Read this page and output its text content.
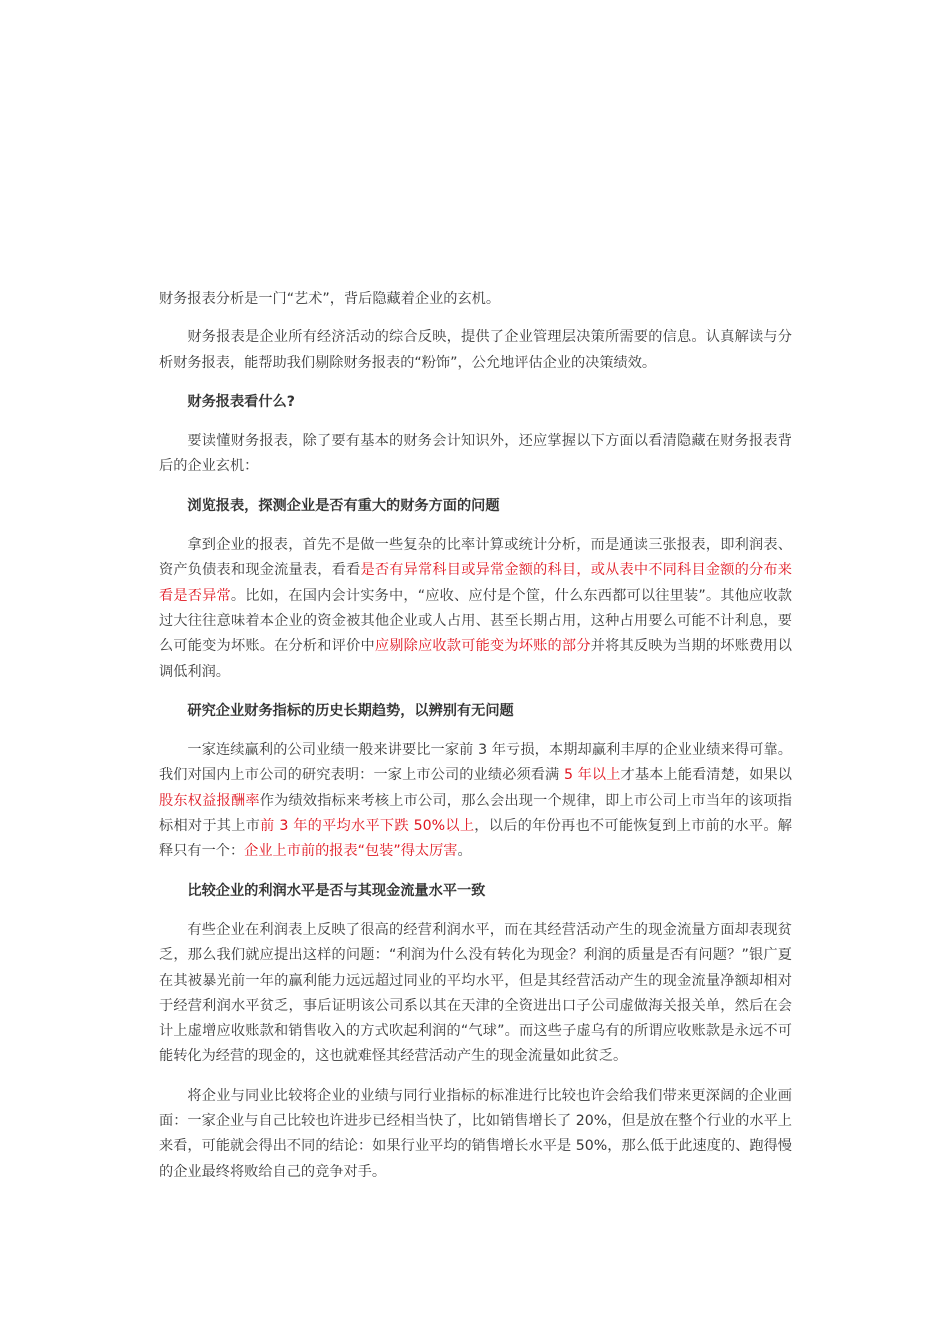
财务报表分析是一门“艺术”，背后隐藏着企业的玄机。

财务报表是企业所有经济活动的综合反映，提供了企业管理层决策所需要的信息。认真解读与分析财务报表，能帮助我们剔除财务报表的“粉饰”，公允地评估企业的决策绩效。

财务报表看什么?

要读懂财务报表，除了要有基本的财务会计知识外，还应掌握以下方面以看清隐藏在财务报表背后的企业玄机：

浏览报表，探测企业是否有重大的财务方面的问题

拿到企业的报表，首先不是做一些复杂的比率计算或统计分析，而是通读三张报表，即利润表、资产负债表和现金流量表，看看是否有异常科目或异常金额的科目，或从表中不同科目金额的分布来看是否异常。比如，在国内会计实务中，“应收、应付是个筐，什么东西都可以往里装”。其他应收款过大往往意味着本企业的资金被其他企业或人占用、甚至长期占用，这种占用要么可能不计利息，要么可能变为坏账。在分析和评价中应剔除应收款可能变为坏账的部分并将其反映为当期的坏账费用以调低利润。

研究企业财务指标的历史长期趋势，以辨别有无问题

一家连续赢利的公司业绩一般来讲要比一家前 3 年亏损，本期却赢利丰厚的企业业绩来得可靠。我们对国内上市公司的研究表明：一家上市公司的业绩必须看满 5 年以上才基本上能看清楚，如果以股东权益报酬率作为绩效指标来考核上市公司，那么会出现一个规律，即上市公司上市当年的该项指标相对于其上市前 3 年的平均水平下跌 50%以上，以后的年份再也不可能恢复到上市前的水平。解释只有一个：企业上市前的报表“包装”得太厉害。

比较企业的利润水平是否与其现金流量水平一致

有些企业在利润表上反映了很高的经营利润水平，而在其经营活动产生的现金流量方面却表现贫乏，那么我们就应提出这样的问题：“利润为什么没有转化为现金？利润的质量是否有问题？”银广夏在其被暴光前一年的赢利能力远远超过同业的平均水平，但是其经营活动产生的现金流量净额却相对于经营利润水平贫乏，事后证明该公司系以其在天津的全资进出口子公司虚做海关报关单，然后在会计上虚增应收账款和销售收入的方式吹起利润的“气球”。而这些子虚乌有的所谓应收账款是永远不可能转化为经营的现金的，这也就难怪其经营活动产生的现金流量如此贫乏。

将企业与同业比较将企业的业绩与同行业指标的标准进行比较也许会给我们带来更深阔的企业画面：一家企业与自己比较也许进步已经相当快了，比如销售增长了 20%，但是放在整个行业的水平上来看，可能就会得出不同的结论：如果行业平均的销售增长水平是 50%，那么低于此速度的、跑得慢的企业最终将败给自己的竞争对手。
